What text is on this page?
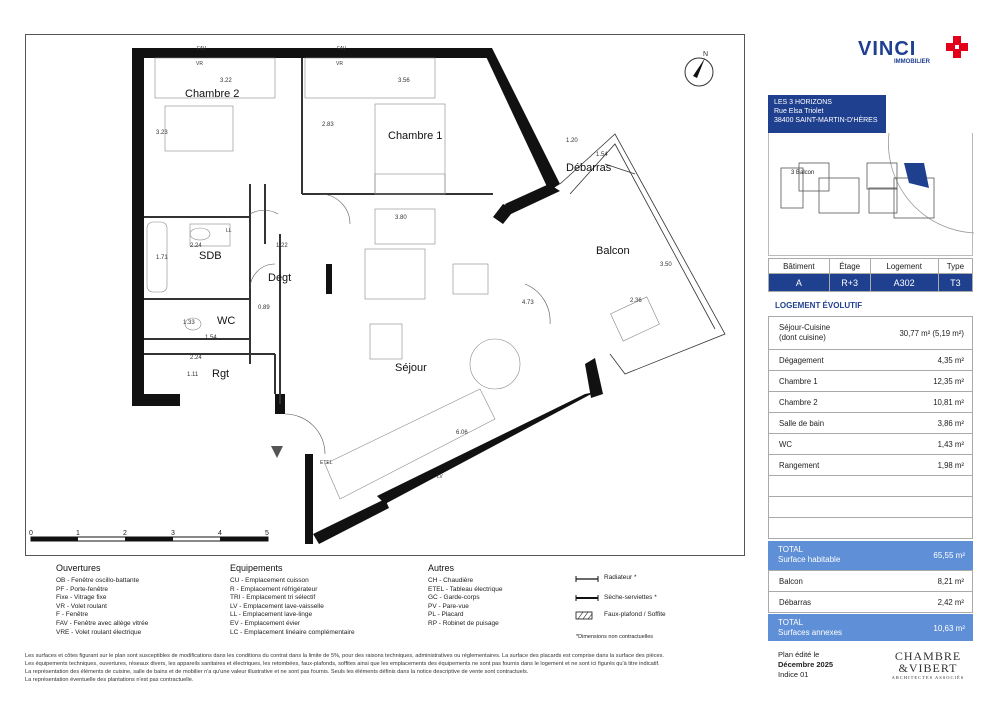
Chambre 2
Chambre 1
Débarras
Balcon
SDB
Degt
WC
Rgt	Séjour
3.22	3.56
3.23
2.83
1.20
1.54
3.80
2.24	1.22
1.71
3.50
2.36
1.54
2.24
1.11
6.06
4.73
0.89
1.33
FAV	FAV
VR	VR
LL
ETEL
LV
N
0	1	2	3	4	5
Ouvertures
OB - Fenêtre oscillo-battante
PF - Porte-fenêtre
Fixe - Vitrage fixe
VR - Volet roulant
F - Fenêtre
FAV - Fenêtre avec allège vitrée
VRE - Volet roulant électrique
Equipements
CU - Emplacement cuisson
R - Emplacement réfrigérateur
TRI - Emplacement tri sélectif
LV - Emplacement lave-vaisselle
LL - Emplacement lave-linge
EV - Emplacement évier
LC - Emplacement linéaire complémentaire
Autres
CH - Chaudière
ETEL - Tableau électrique
GC - Garde-corps
PV - Pare-vue
PL - Placard
RP - Robinet de puisage
Radiateur *
Sèche-serviettes *
Faux-plafond / Soffite
*Dimensions non contractuelles
Les surfaces et côtes figurant sur le plan sont susceptibles de modifications dans les conditions du contrat dans la limite de 5%, pour des raisons techniques, administratives ou réglementaires. La surface des placards est comprise dans la surface des pièces.
Les équipements techniques, ouvertures, réseaux divers, les appareils sanitaires et électriques, les retombées, faux-plafonds, soffites ainsi que les emplacements des équipements ne sont pas fournis dans le logement et ne sont ici figurés qu'à titre indicatif.
La représentation des éléments de cuisine, salle de bains et de mobilier n'a qu'une valeur illustrative et ne sont pas fournis. Seuls les éléments définis dans la notice descriptive de vente sont contractuels.
La représentation éventuelle des plantations n'est pas contractuelle.
VINCI
IMMOBILIER
LES 3 HORIZONS
Rue Elsa Triolet
38400 SAINT-MARTIN-D'HÈRES
3 Balcon
Bâtiment	Étage	Logement	Type
A	R+3	A302	T3
LOGEMENT ÉVOLUTIF
Séjour-Cuisine
(dont cuisine)	30,77 m² (5,19 m²)
Dégagement	4,35 m²
Chambre 1	12,35 m²
Chambre 2	10,81 m²
Salle de bain	3,86 m²
WC	1,43 m²
Rangement	1,98 m²
TOTAL
Surface habitable	65,55 m²
Balcon	8,21 m²
Débarras	2,42 m²
TOTAL
Surfaces annexes	10,63 m²
Plan édité le
Décembre 2025
Indice 01
CHAMBRE
&VIBERT
ARCHITECTES ASSOCIÉS
